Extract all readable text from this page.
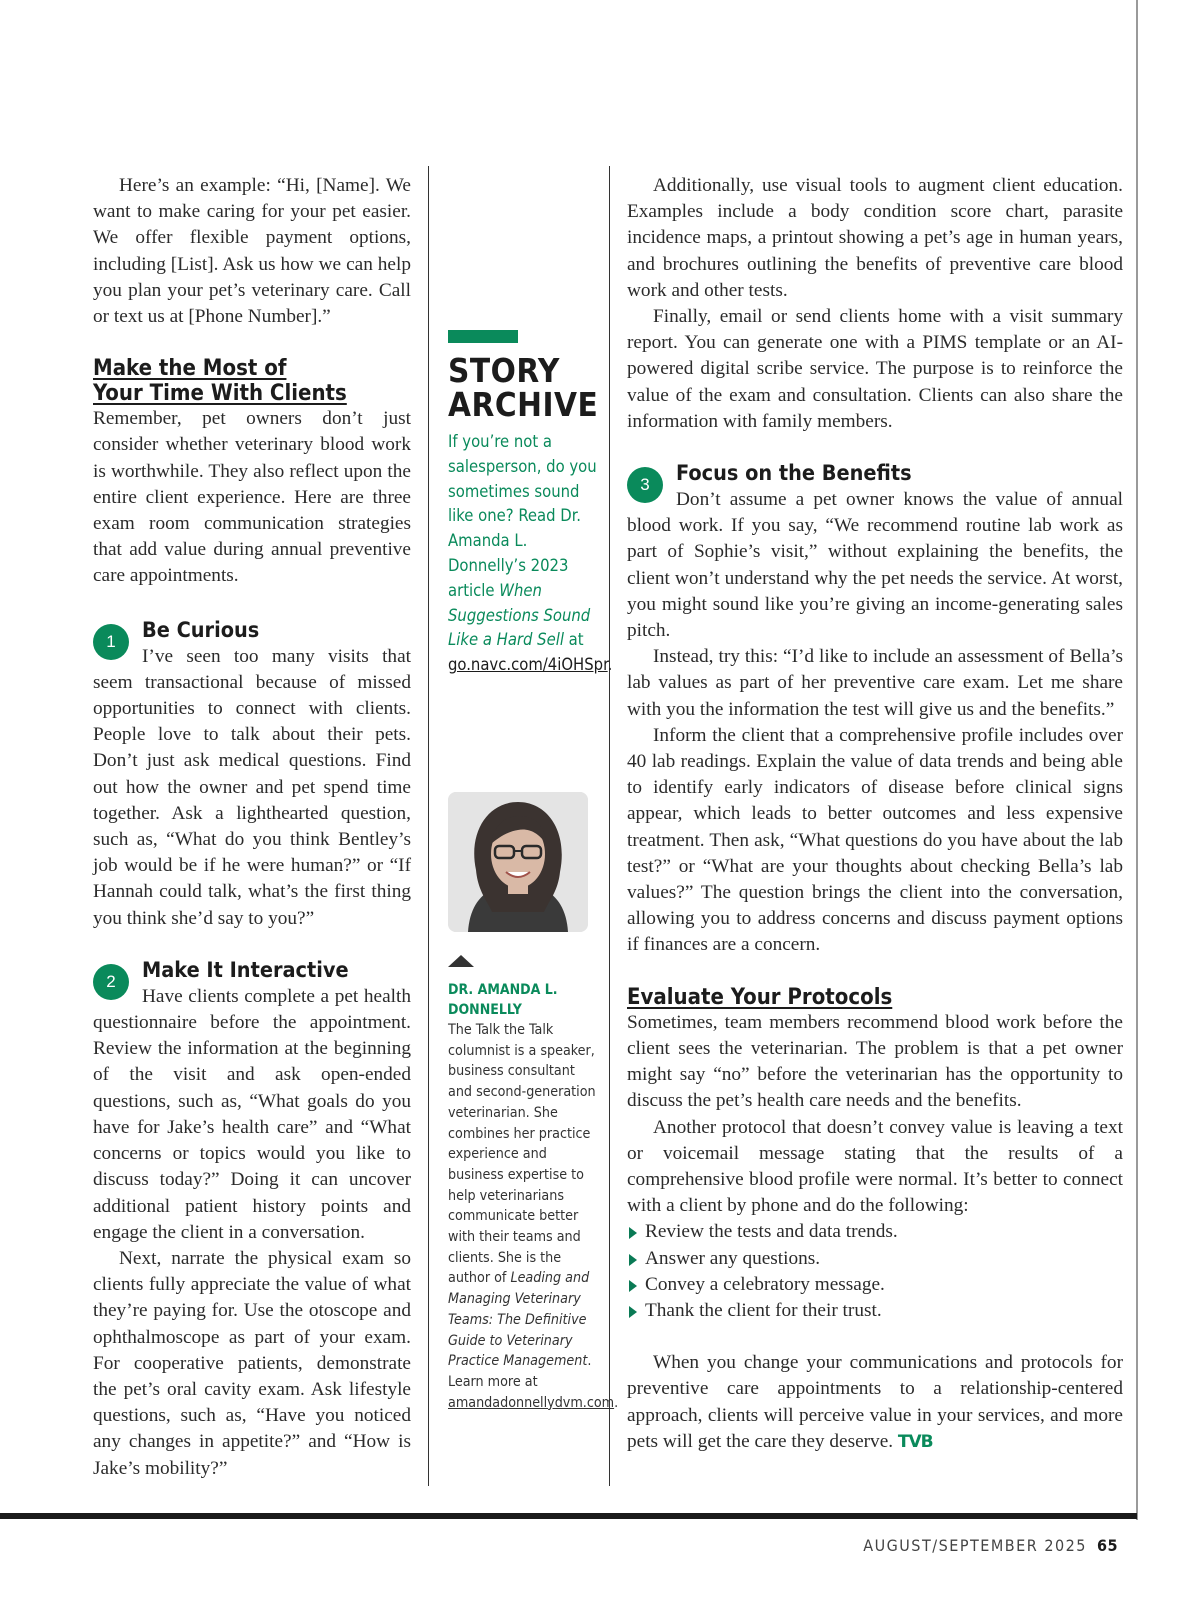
Here’s an example: “Hi, [Name]. We want to make caring for your pet easier. We offer flexible payment options, including [List]. Ask us how we can help you plan your pet’s veterinary care. Call or text us at [Phone Number].”

Make the Most of
Your Time With Clients

Remember, pet owners don’t just consider whether veterinary blood work is worthwhile. They also reflect upon the entire client experience. Here are three exam room communication strategies that add value during annual preventive care appointments.

1	Be Curious

I’ve seen too many visits that seem transactional because of missed opportunities to connect with clients. People love to talk about their pets. Don’t just ask medical questions. Find out how the owner and pet spend time together. Ask a lighthearted question, such as, “What do you think Bentley’s job would be if he were human?” or “If Hannah could talk, what’s the first thing you think she’d say to you?”

2	Make It Interactive

Have clients complete a pet health questionnaire before the appointment. Review the information at the beginning of the visit and ask open-ended questions, such as, “What goals do you have for Jake’s health care” and “What concerns or topics would you like to discuss today?” Doing it can uncover additional patient history points and engage the client in a conversation.

Next, narrate the physical exam so clients fully appreciate the value of what they’re paying for. Use the otoscope and ophthalmoscope as part of your exam. For cooperative patients, demonstrate the pet’s oral cavity exam. Ask lifestyle questions, such as, “Have you noticed any changes in appetite?” and “How is Jake’s mobility?”

STORY
ARCHIVE
If you’re not a salesperson, do you sometimes sound like one? Read Dr. Amanda L. Donnelly’s 2023 article When Suggestions Sound Like a Hard Sell at go.navc.com/4iOHSpr.
DR. AMANDA L. DONNELLY
The Talk the Talk columnist is a speaker, business consultant and second-generation veterinarian. She combines her practice experience and business expertise to help veterinarians communicate better with their teams and clients. She is the author of Leading and Managing Veterinary Teams: The Definitive Guide to Veterinary Practice Management. Learn more at amandadonnellydvm.com.

Additionally, use visual tools to augment client education. Examples include a body condition score chart, parasite incidence maps, a printout showing a pet’s age in human years, and brochures outlining the benefits of preventive care blood work and other tests.

Finally, email or send clients home with a visit summary report. You can generate one with a PIMS template or an AI-powered digital scribe service. The purpose is to reinforce the value of the exam and consultation. Clients can also share the information with family members.

3	Focus on the Benefits

Don’t assume a pet owner knows the value of annual blood work. If you say, “We recommend routine lab work as part of Sophie’s visit,” without explaining the benefits, the client won’t understand why the pet needs the service. At worst, you might sound like you’re giving an income-generating sales pitch.

Instead, try this: “I’d like to include an assessment of Bella’s lab values as part of her preventive care exam. Let me share with you the information the test will give us and the benefits.”

Inform the client that a comprehensive profile includes over 40 lab readings. Explain the value of data trends and being able to identify early indicators of disease before clinical signs appear, which leads to better outcomes and less expensive treatment. Then ask, “What questions do you have about the lab test?” or “What are your thoughts about checking Bella’s lab values?” The question brings the client into the conversation, allowing you to address concerns and discuss payment options if finances are a concern.

Evaluate Your Protocols

Sometimes, team members recommend blood work before the client sees the veterinarian. The problem is that a pet owner might say “no” before the veterinarian has the opportunity to discuss the pet’s health care needs and the benefits.

Another protocol that doesn’t convey value is leaving a text or voicemail message stating that the results of a comprehensive blood profile were normal. It’s better to connect with a client by phone and do the following:

Review the tests and data trends.
Answer any questions.
Convey a celebratory message.
Thank the client for their trust.

When you change your communications and protocols for preventive care appointments to a relationship-centered approach, clients will perceive value in your services, and more pets will get the care they deserve. TVB

AUGUST/SEPTEMBER 2025 65
